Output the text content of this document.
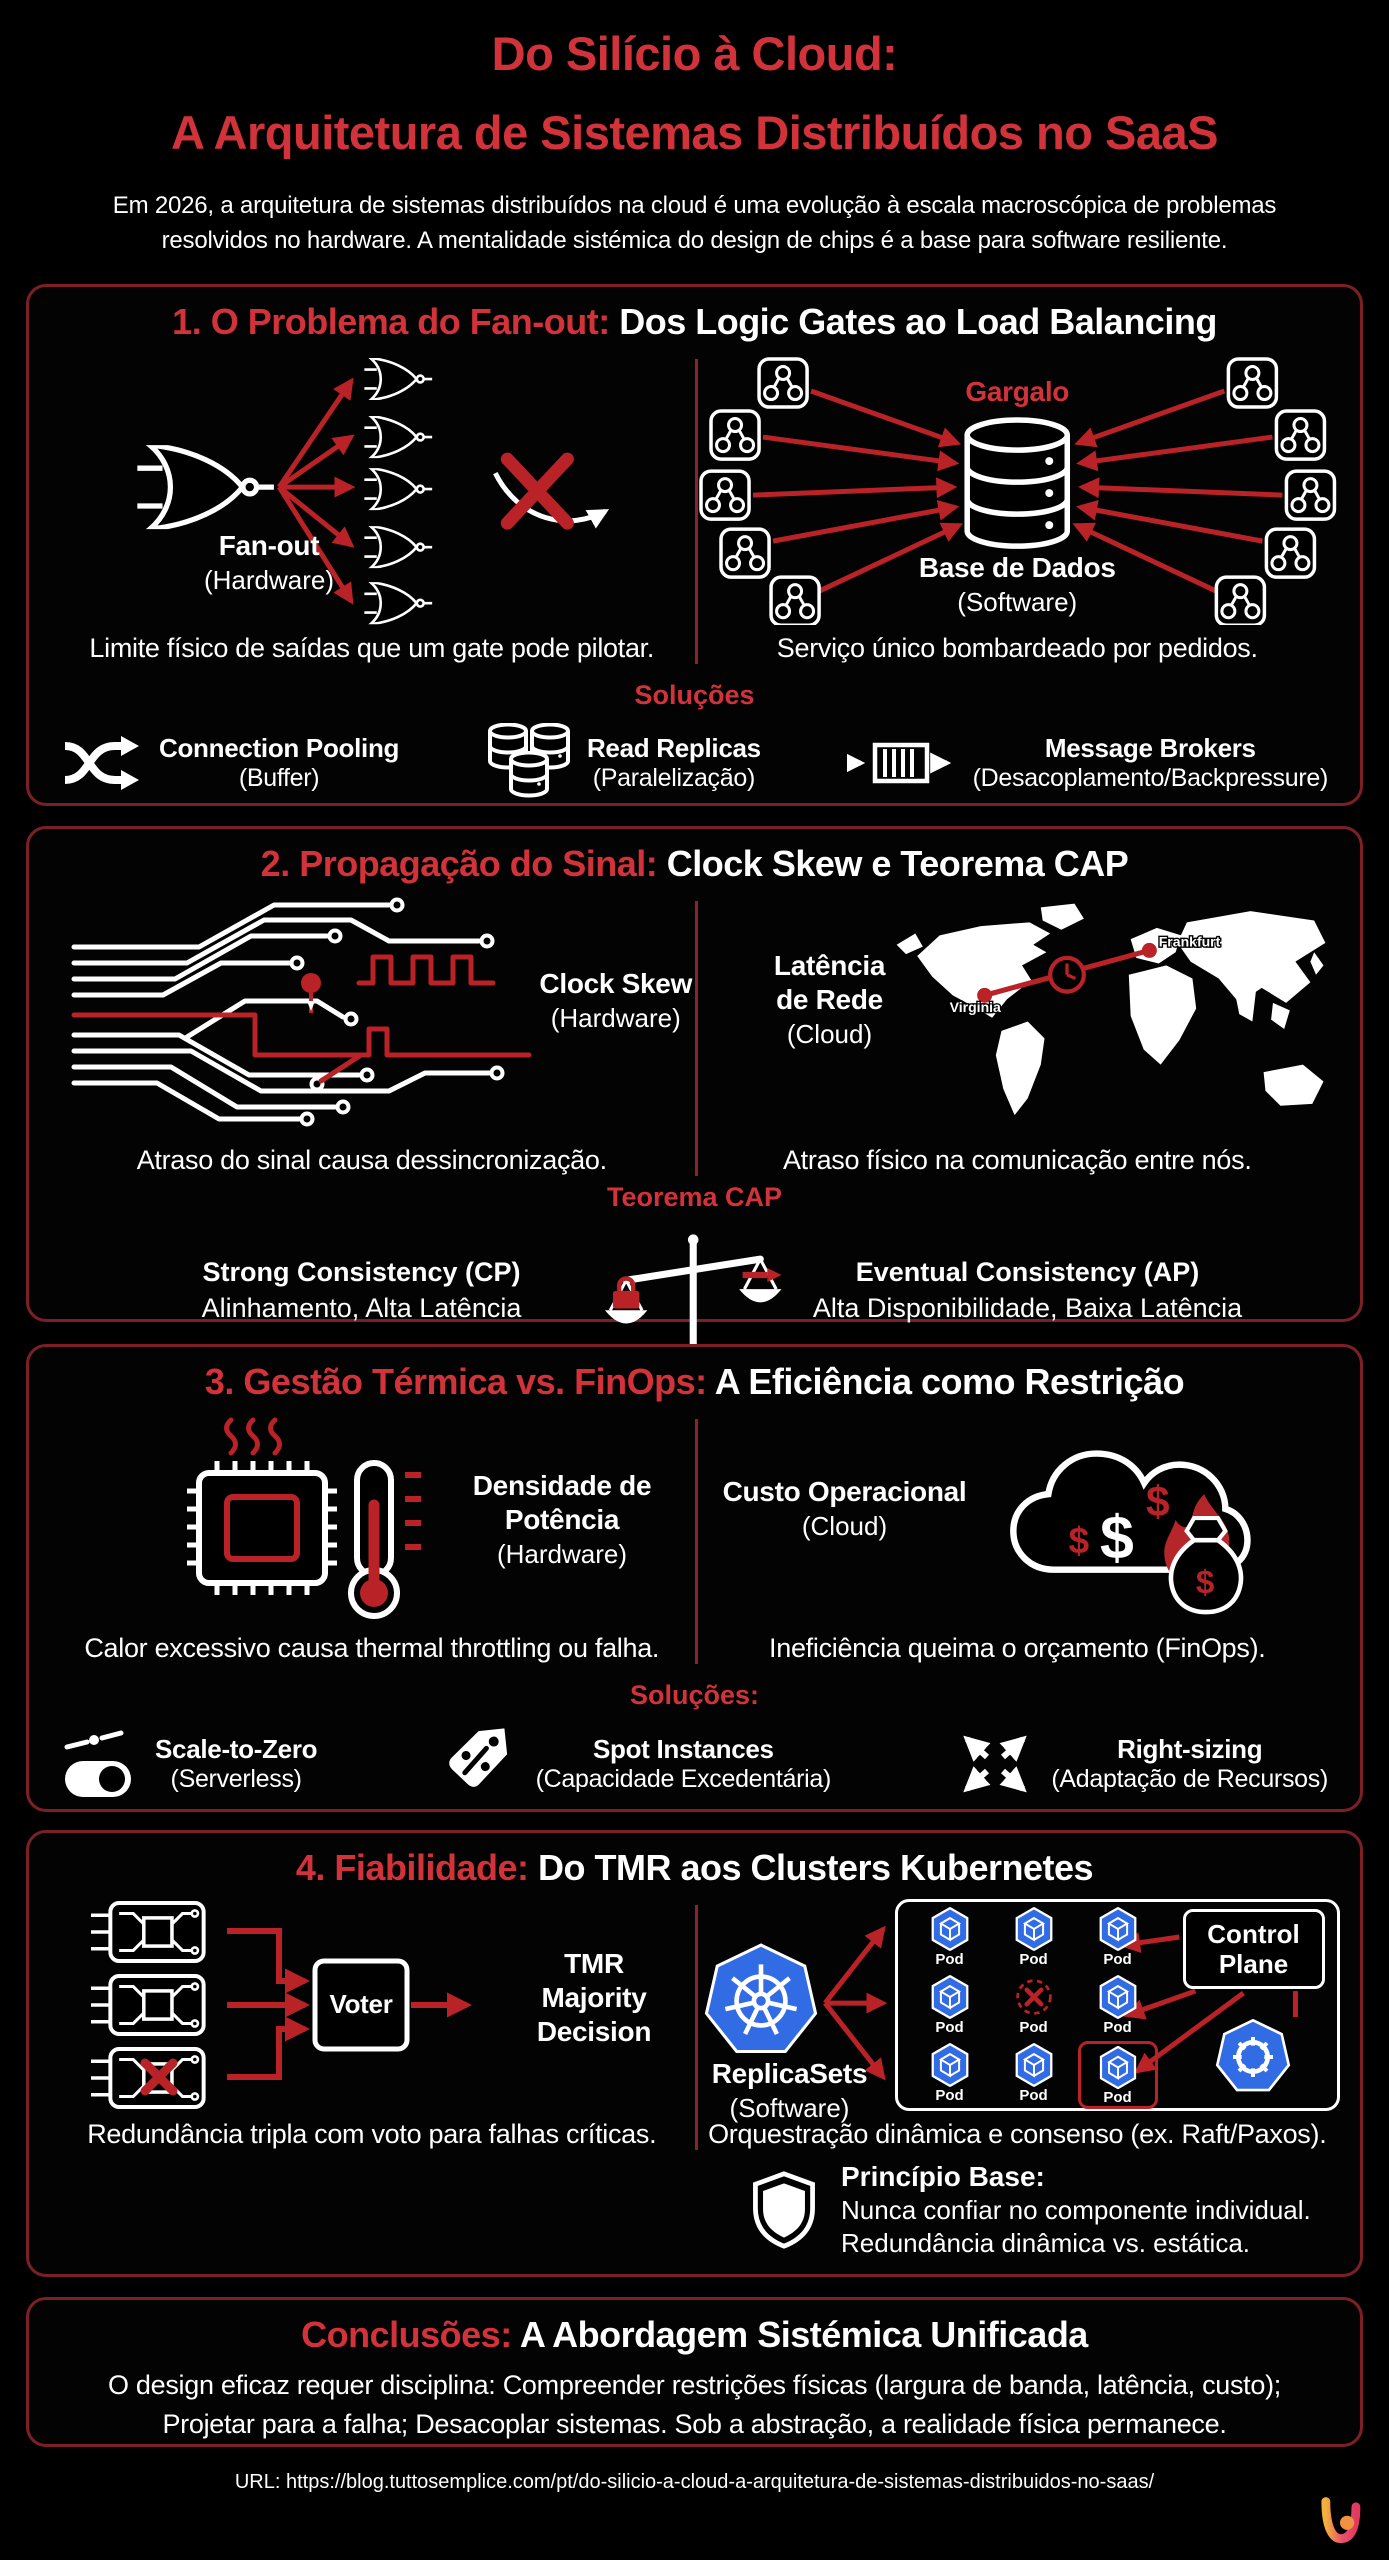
Do Silício à Cloud:
A Arquitetura de Sistemas Distribuídos no SaaS
Em 2026, a arquitetura de sistemas distribuídos na cloud é uma evolução à escala macroscópica de problemas
resolvidos no hardware. A mentalidade sistémica do design de chips é a base para software resiliente.
1. O Problema do Fan-out: Dos Logic Gates ao Load Balancing
Fan-out
(Hardware)
Limite físico de saídas que um gate pode pilotar.
Gargalo
Base de Dados
(Software)
Serviço único bombardeado por pedidos.
Soluções
Connection Pooling
(Buffer)
Read Replicas
(Paralelização)
Message Brokers
(Desacoplamento/Backpressure)
2. Propagação do Sinal: Clock Skew e Teorema CAP
Clock Skew
(Hardware)
Atraso do sinal causa dessincronização.
Latência de Rede
(Cloud)
Virginia
Frankfurt
Atraso físico na comunicação entre nós.
Teorema CAP
Strong Consistency (CP)
Alinhamento, Alta Latência
Eventual Consistency (AP)
Alta Disponibilidade, Baixa Latência
3. Gestão Térmica vs. FinOps: A Eficiência como Restrição
Densidade de Potência
(Hardware)
Calor excessivo causa thermal throttling ou falha.
Custo Operacional
(Cloud)	$ $
$
$
Ineficiência queima o orçamento (FinOps).
Soluções:
Scale-to-Zero
(Serverless)
Spot Instances
(Capacidade Excedentária)
Right-sizing
(Adaptação de Recursos)
4. Fiabilidade: Do TMR aos Clusters Kubernetes
Voter
TMR
Majority
Decision
Redundância tripla com voto para falhas críticas.
Pod	Pod	Pod
Pod	Pod	Pod
Pod	Pod	Pod
Control
Plane
ReplicaSets
(Software)
Orquestração dinâmica e consenso (ex. Raft/Paxos).
Princípio Base:
Nunca confiar no componente individual.
Redundância dinâmica vs. estática.
Conclusões: A Abordagem Sistémica Unificada
O design eficaz requer disciplina: Compreender restrições físicas (largura de banda, latência, custo);
Projetar para a falha; Desacoplar sistemas. Sob a abstração, a realidade física permanece.
URL: https://blog.tuttosemplice.com/pt/do-silicio-a-cloud-a-arquitetura-de-sistemas-distribuidos-no-saas/
